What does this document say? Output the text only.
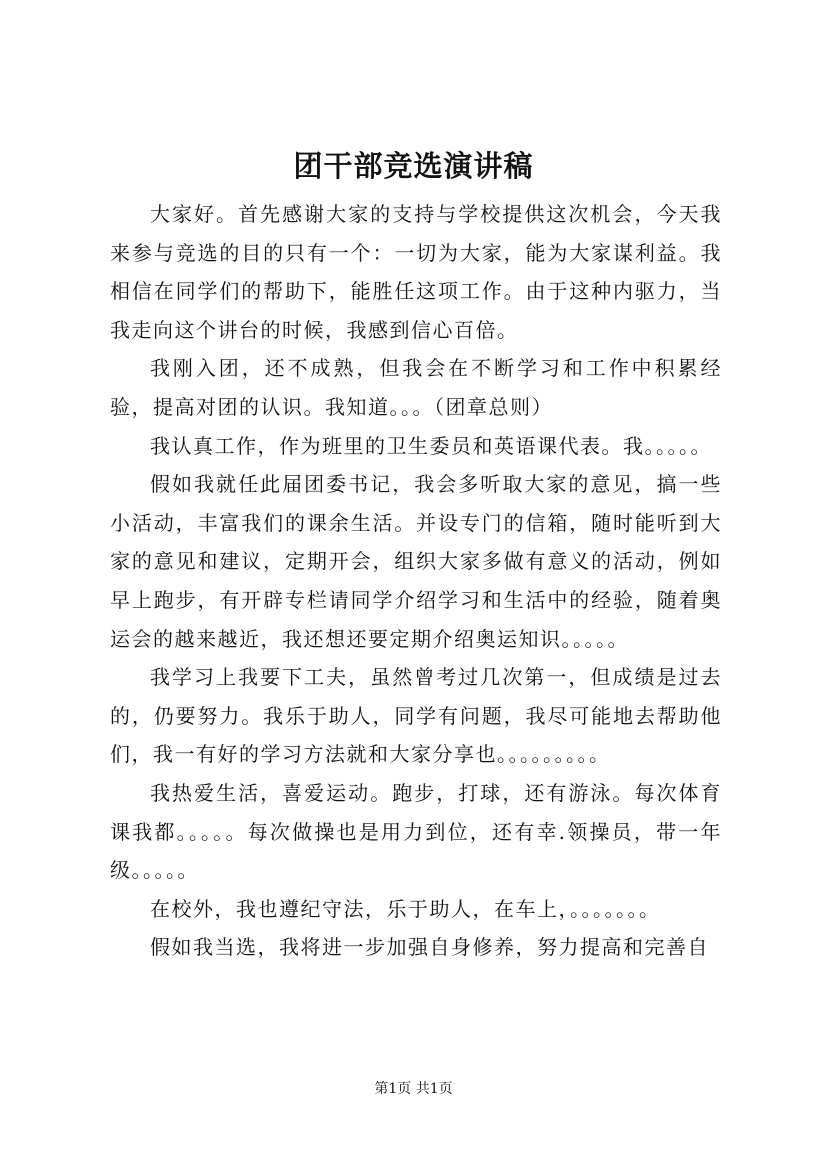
团干部竞选演讲稿

大家好。首先感谢大家的支持与学校提供这次机会，今天我来参与竞选的目的只有一个：一切为大家，能为大家谋利益。我相信在同学们的帮助下，能胜任这项工作。由于这种内驱力，当我走向这个讲台的时候，我感到信心百倍。

我刚入团，还不成熟，但我会在不断学习和工作中积累经验，提高对团的认识。我知道。。。（团章总则）

我认真工作，作为班里的卫生委员和英语课代表。我。。。。。

假如我就任此届团委书记，我会多听取大家的意见，搞一些小活动，丰富我们的课余生活。并设专门的信箱，随时能听到大家的意见和建议，定期开会，组织大家多做有意义的活动，例如早上跑步，有开辟专栏请同学介绍学习和生活中的经验，随着奥运会的越来越近，我还想还要定期介绍奥运知识。。。。。

我学习上我要下工夫，虽然曾考过几次第一，但成绩是过去的，仍要努力。我乐于助人，同学有问题，我尽可能地去帮助他们，我一有好的学习方法就和大家分享也。。。。。。。。。

我热爱生活，喜爱运动。跑步，打球，还有游泳。每次体育课我都。。。。。每次做操也是用力到位，还有幸.领操员，带一年级。。。。。

在校外，我也遵纪守法，乐于助人，在车上，。。。。。。。

假如我当选，我将进一步加强自身修养，努力提高和完善自

第1页 共1页
